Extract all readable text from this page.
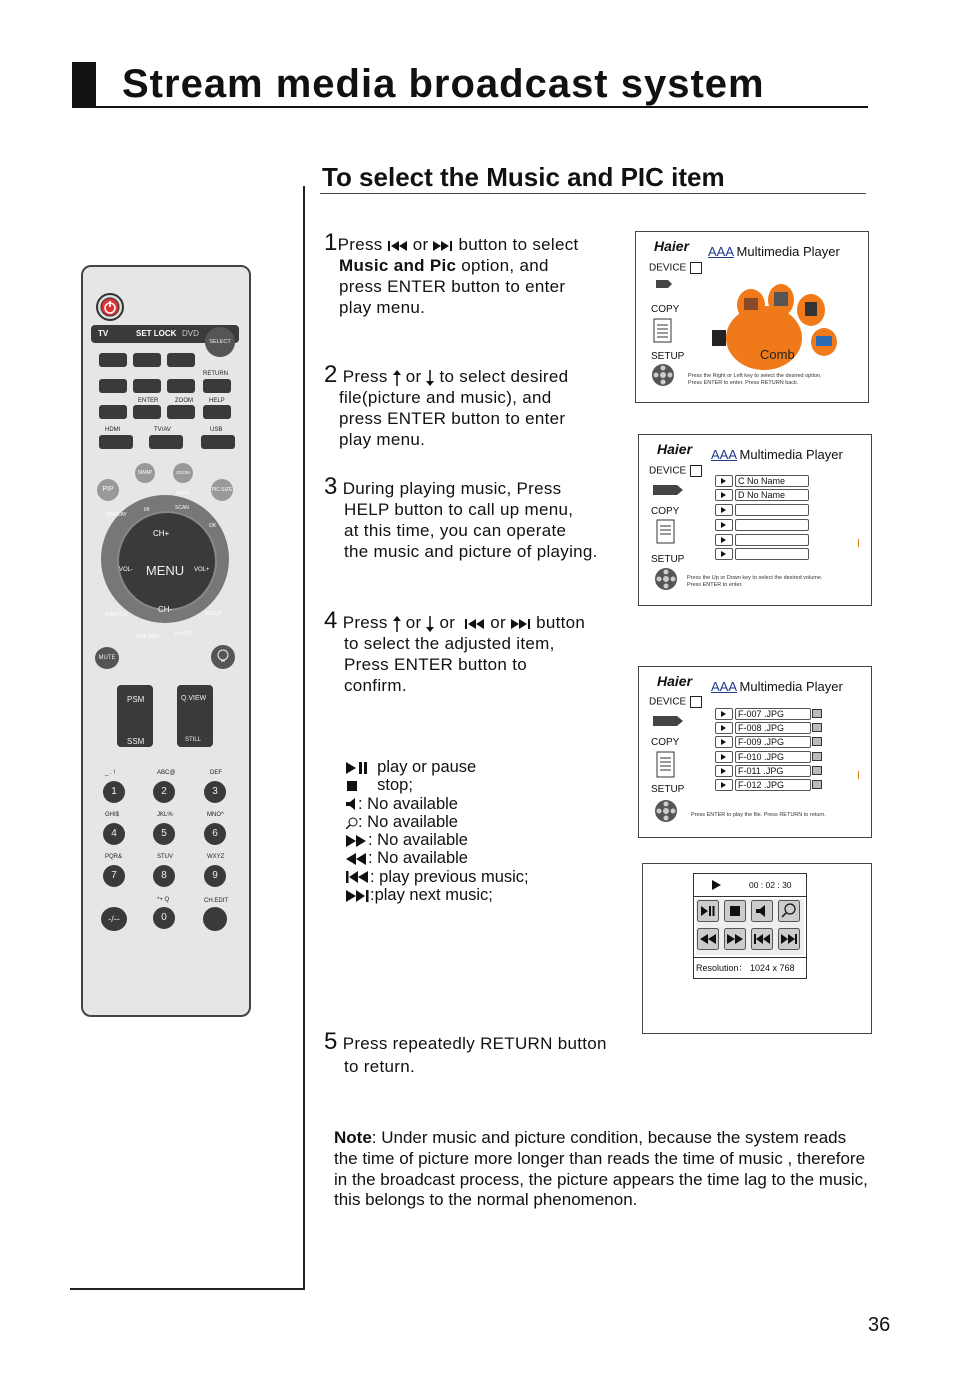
Stream media broadcast system
To select the Music and PIC item
1Press or button to select
Music and Pic option, and
press ENTER button to enter
play menu.
2 Press or to select desired
file(picture and music), and
press ENTER button to enter
play menu.
3 During playing music, Press
HELP button to call up menu,
at this time, you can operate
the music and picture of playing.
4 Press or or or button
to select the adjusted item,
Press ENTER button to
confirm.
play or pause
stop;
: No available
: No available
: No available
: No available
: play previous music;
:play next music;
5 Press repeatedly RETURN button
to return.
Note: Under music and picture condition, because the system reads the time of picture more longer than reads the time of music , therefore in the broadcast process, the picture appears the time lag to the music, this belongs to the normal phenomenon.
36
Haier AAA Multimedia Player
DEVICE
COPY
SETUP	Comb
Press the Right or Left key to select the desired option.
Press ENTER to enter. Press RETURN back.
Haier AAA Multimedia Player
DEVICE
COPY
SETUP
C No Name
D No Name
Press the Up or Down key to select the desired volume.
Press ENTER to enter.
Haier AAA Multimedia Player
DEVICE
COPY
SETUP
F-007 .JPG
F-008 .JPG
F-009 .JPG
F-010 .JPG
F-011 .JPG
F-012 .JPG
Press ENTER to play the file. Press RETURN to return.
00 : 02 : 30
Resolution： 1024 x 768
TV	SET LOCK DVD
SELECT
RETURN
ENTER	ZOOM	HELP
HDMI	TV/AV	USB
SWAP	ZOOM MODE
PIP	PIC.SIZE
DISPLAY
I/II	SCAN
OK
SHUTTLE
TIME SKIP	H.LOCK
SLEEP
CH+
CH-
VOL-	VOL+
MENU
MUTE
PSM
SSM
Q.VIEW
STILL
_ . !	ABC@	DEF
1	2	3
GHI$	JKL%	MNO^
4	5	6
PQR&	STUV	WXYZ
7	8	9
*+ Q	CH.EDIT
-/--	0
